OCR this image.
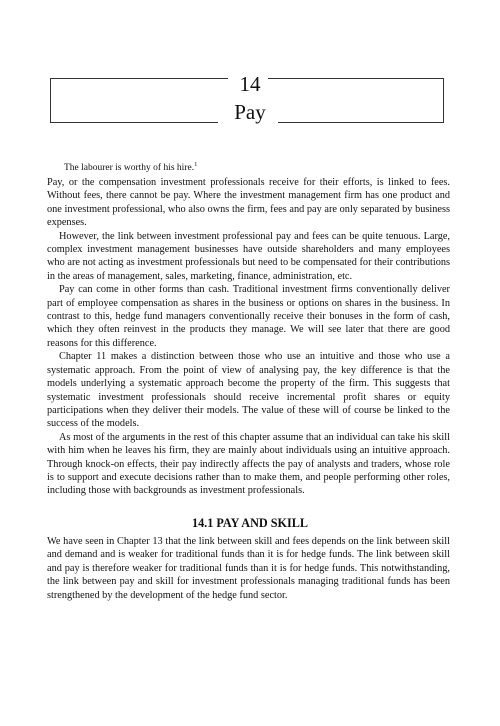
14
Pay
The labourer is worthy of his hire.$^1$

Pay, or the compensation investment professionals receive for their efforts, is linked to fees. Without fees, there cannot be pay. Where the investment management firm has one product and one investment professional, who also owns the firm, fees and pay are only separated by business expenses.

However, the link between investment professional pay and fees can be quite tenuous. Large, complex investment management businesses have outside shareholders and many employees who are not acting as investment professionals but need to be compensated for their contributions in the areas of management, sales, marketing, finance, administration, etc.

Pay can come in other forms than cash. Traditional investment firms conventionally deliver part of employee compensation as shares in the business or options on shares in the business. In contrast to this, hedge fund managers conventionally receive their bonuses in the form of cash, which they often reinvest in the products they manage. We will see later that there are good reasons for this difference.

Chapter 11 makes a distinction between those who use an intuitive and those who use a systematic approach. From the point of view of analysing pay, the key difference is that the models underlying a systematic approach become the property of the firm. This suggests that systematic investment professionals should receive incremental profit shares or equity participations when they deliver their models. The value of these will of course be linked to the success of the models.

As most of the arguments in the rest of this chapter assume that an individual can take his skill with him when he leaves his firm, they are mainly about individuals using an intuitive approach. Through knock-on effects, their pay indirectly affects the pay of analysts and traders, whose role is to support and execute decisions rather than to make them, and people performing other roles, including those with backgrounds as investment professionals.

14.1 PAY AND SKILL

We have seen in Chapter 13 that the link between skill and fees depends on the link between skill and demand and is weaker for traditional funds than it is for hedge funds. The link between skill and pay is therefore weaker for traditional funds than it is for hedge funds. This notwithstanding, the link between pay and skill for investment professionals managing traditional funds has been strengthened by the development of the hedge fund sector.
